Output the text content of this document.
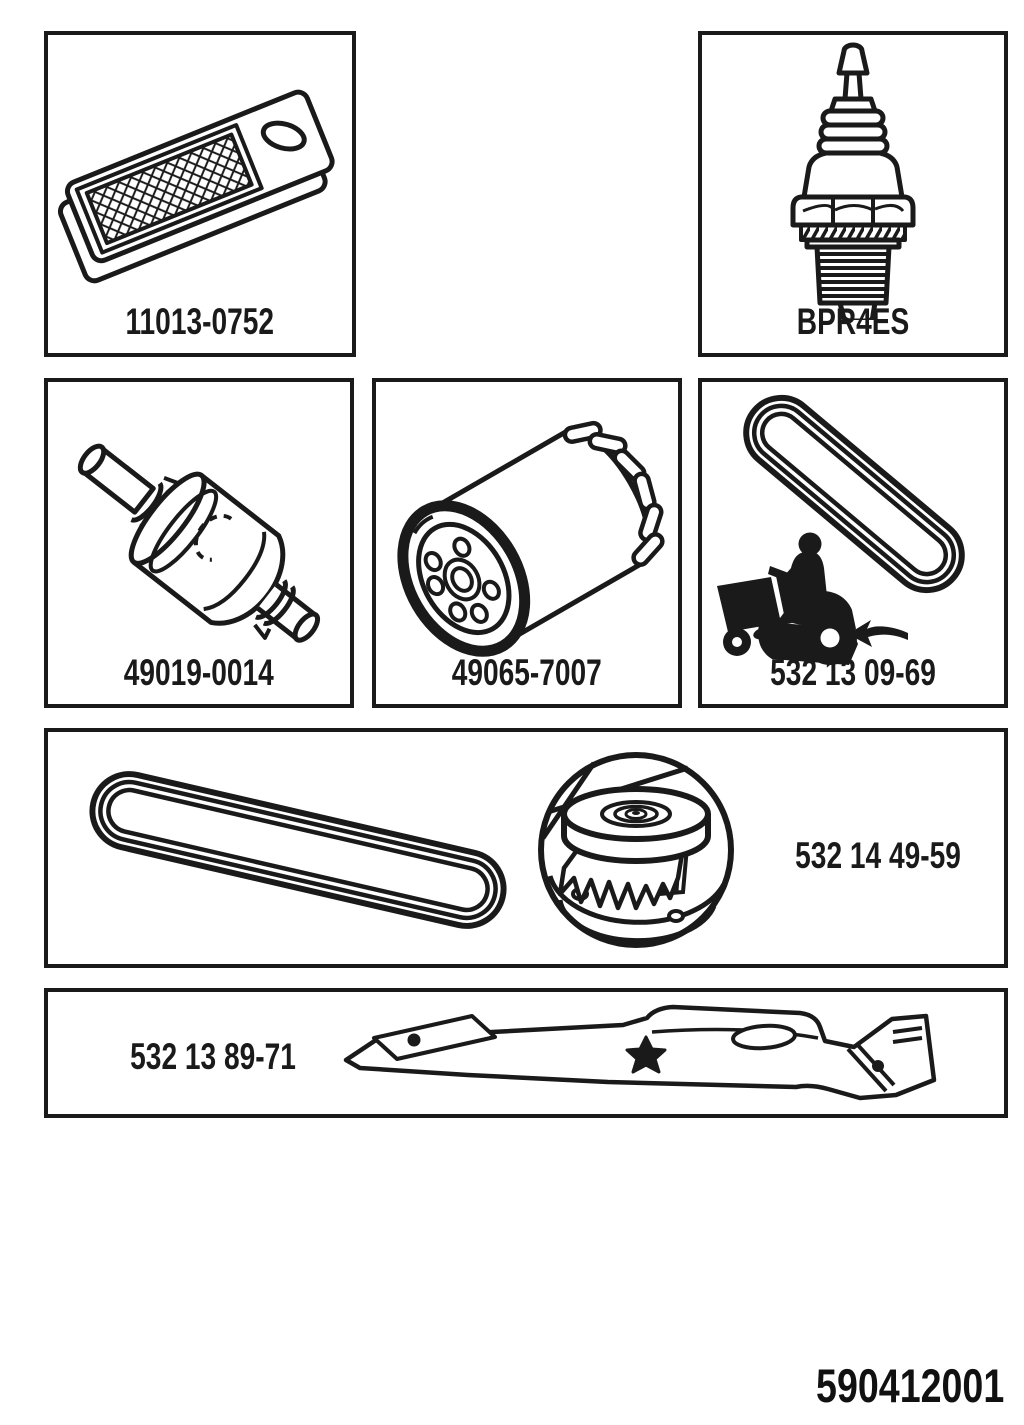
11013-0752	BPR4ES
49019-0014	49065-7007	532 13 09-69
532 14 49-59
532 13 89-71
590412001
